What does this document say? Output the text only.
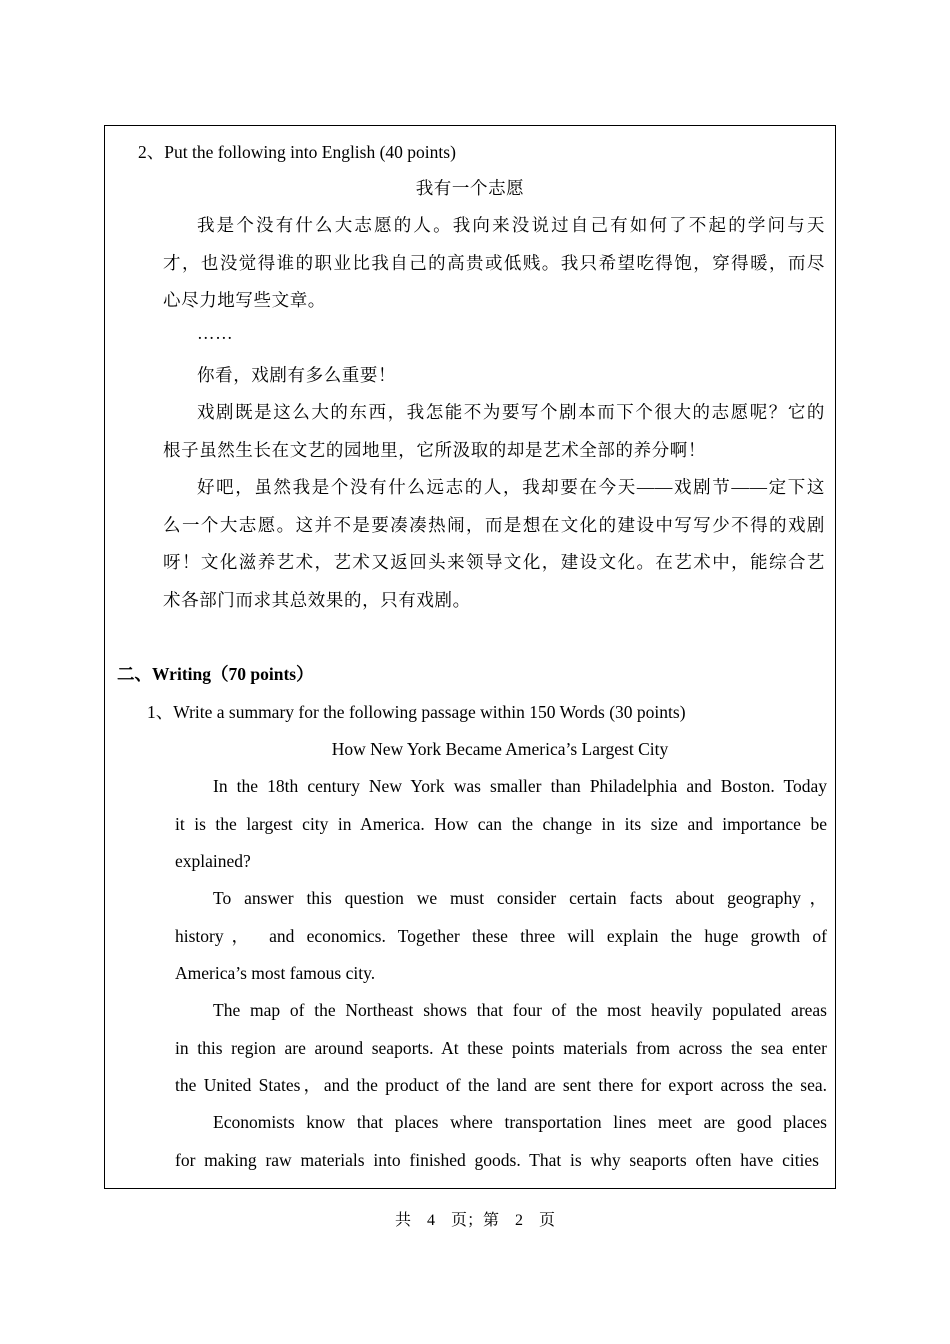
2、Put the following into English (40 points)
我有一个志愿
我是个没有什么大志愿的人。我向来没说过自己有如何了不起的学问与天
才，也没觉得谁的职业比我自己的高贵或低贱。我只希望吃得饱，穿得暖，而尽
心尽力地写些文章。
……
你看，戏剧有多么重要！
戏剧既是这么大的东西，我怎能不为要写个剧本而下个很大的志愿呢？它的
根子虽然生长在文艺的园地里，它所汲取的却是艺术全部的养分啊！
好吧，虽然我是个没有什么远志的人，我却要在今天——戏剧节——定下这
么一个大志愿。这并不是要凑凑热闹，而是想在文化的建设中写写少不得的戏剧
呀！文化滋养艺术，艺术又返回头来领导文化，建设文化。在艺术中，能综合艺
术各部门而求其总效果的，只有戏剧。
二、Writing（70 points）
1、Write a summary for the following passage within 150 Words (30 points)
How New York Became America’s Largest City
In the 18th century New York was smaller than Philadelphia and Boston. Today
it is the largest city in America. How can the change in its size and importance be
explained?
To answer this question we must consider certain facts about geography，
history， and economics. Together these three will explain the huge growth of
America’s most famous city.
The map of the Northeast shows that four of the most heavily populated areas
in this region are around seaports. At these points materials from across the sea enter
the United States，and the product of the land are sent there for export across the sea.
Economists know that places where transportation lines meet are good places
for making raw materials into finished goods. That is why seaports often have cities
共　4　页；第　2　页
